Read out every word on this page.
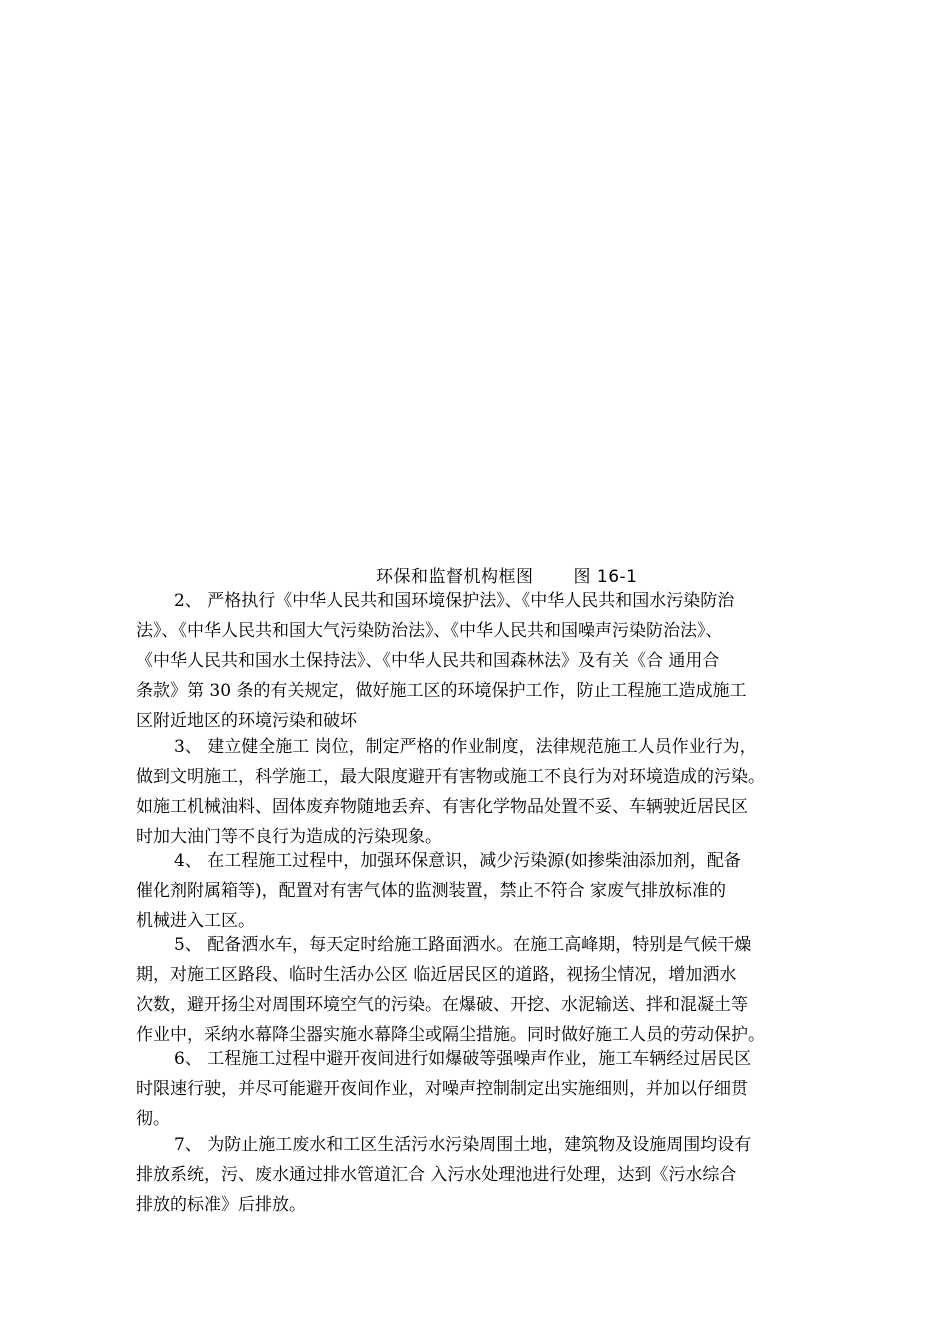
环保和监督机构框图 图 16-1
2、 严格执行《中华人民共和国环境保护法》、《中华人民共和国水污染防治
法》、《中华人民共和国大气污染防治法》、《中华人民共和国噪声污染防治法》、
《中华人民共和国水土保持法》、《中华人民共和国森林法》及有关《合 通用合
条款》第 30 条的有关规定，做好施工区的环境保护工作，防止工程施工造成施工
区附近地区的环境污染和破坏
3、 建立健全施工 岗位，制定严格的作业制度，法律规范施工人员作业行为，
做到文明施工，科学施工，最大限度避开有害物或施工不良行为对环境造成的污染。
如施工机械油料、固体废弃物随地丢弃、有害化学物品处置不妥、车辆驶近居民区
时加大油门等不良行为造成的污染现象。
4、 在工程施工过程中，加强环保意识，减少污染源(如掺柴油添加剂，配备
催化剂附属箱等)，配置对有害气体的监测装置，禁止不符合 家废气排放标准的
机械进入工区。
5、 配备洒水车，每天定时给施工路面洒水。在施工高峰期，特别是气候干燥
期，对施工区路段、临时生活办公区 临近居民区的道路，视扬尘情况，增加洒水
次数，避开扬尘对周围环境空气的污染。在爆破、开挖、水泥输送、拌和混凝土等
作业中，采纳水幕降尘器实施水幕降尘或隔尘措施。同时做好施工人员的劳动保护。
6、 工程施工过程中避开夜间进行如爆破等强噪声作业，施工车辆经过居民区
时限速行驶，并尽可能避开夜间作业，对噪声控制制定出实施细则，并加以仔细贯
彻。
7、 为防止施工废水和工区生活污水污染周围土地，建筑物及设施周围均设有
排放系统，污、废水通过排水管道汇合 入污水处理池进行处理，达到《污水综合
排放的标准》后排放。
